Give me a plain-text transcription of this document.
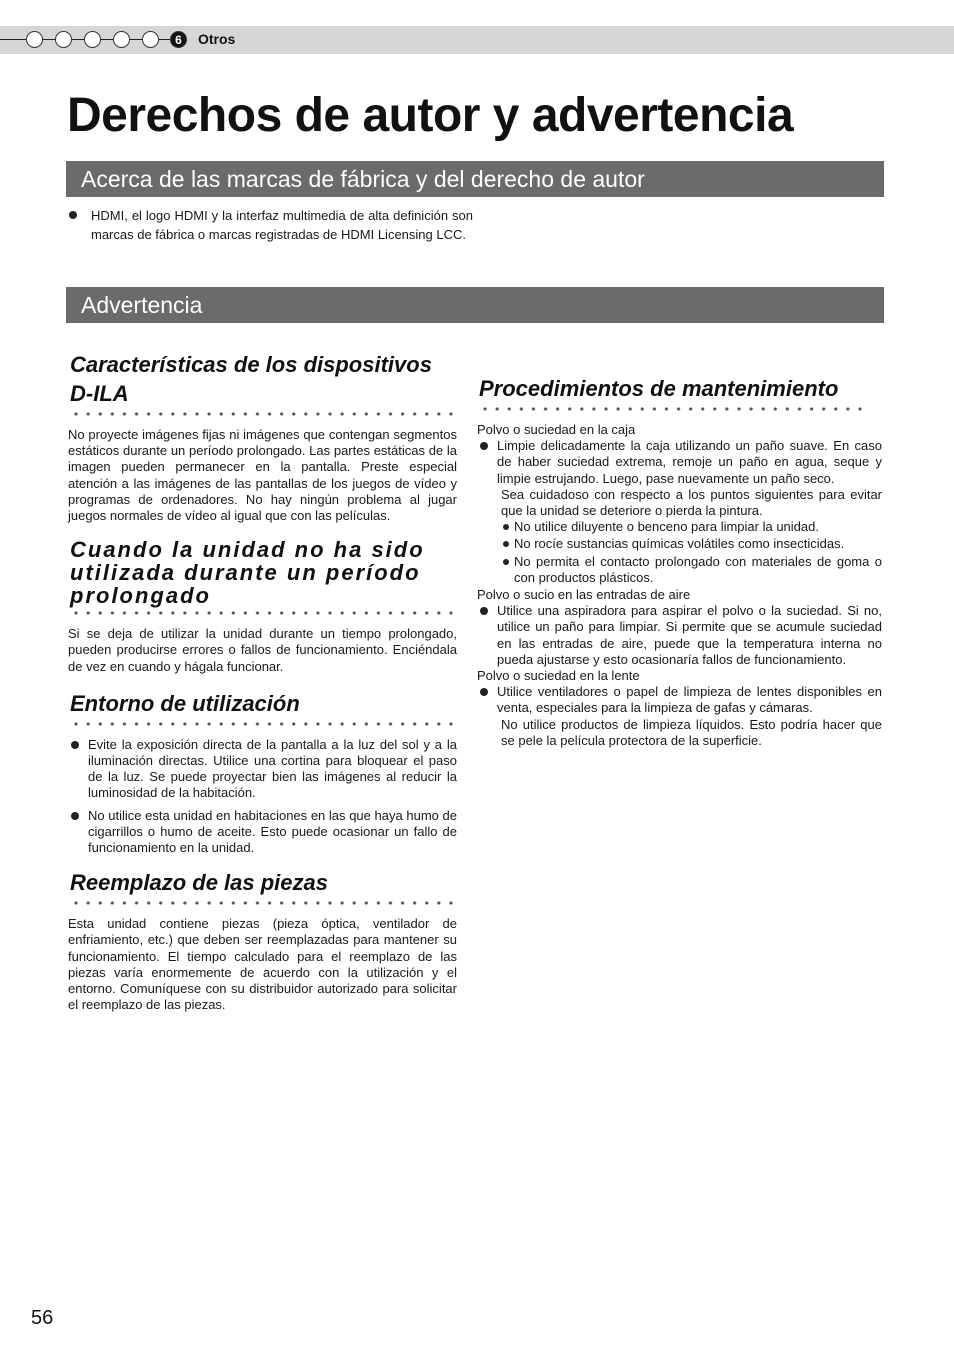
6	Otros
Derechos de autor y advertencia
Acerca de las marcas de fábrica y del derecho de autor
HDMI, el logo HDMI y la interfaz multimedia de alta definición son marcas de fábrica o marcas registradas de HDMI Licensing LCC.
Advertencia
Características de los dispositivos D-ILA

No proyecte imágenes fijas ni imágenes que contengan segmentos estáticos durante un período prolongado. Las partes estáticas de la imagen pueden permanecer en la pantalla. Preste especial atención a las imágenes de las pantallas de los juegos de vídeo y programas de ordenadores. No hay ningún problema al jugar juegos normales de vídeo al igual que con las películas.

Cuando la unidad no ha sido utilizada durante un período prolongado

Si se deja de utilizar la unidad durante un tiempo prolongado, pueden producirse errores o fallos de funcionamiento. Enciéndala de vez en cuando y hágala funcionar.

Entorno de utilización
Evite la exposición directa de la pantalla a la luz del sol y a la iluminación directas. Utilice una cortina para bloquear el paso de la luz. Se puede proyectar bien las imágenes al reducir la luminosidad de la habitación.
No utilice esta unidad en habitaciones en las que haya humo de cigarrillos o humo de aceite. Esto puede ocasionar un fallo de funcionamiento en la unidad.
Reemplazo de las piezas

Esta unidad contiene piezas (pieza óptica, ventilador de enfriamiento, etc.) que deben ser reemplazadas para mantener su funcionamiento. El tiempo calculado para el reemplazo de las piezas varía enormemente de acuerdo con la utilización y el entorno. Comuníquese con su distribuidor autorizado para solicitar el reemplazo de las piezas.

Procedimientos de mantenimiento
Polvo o suciedad en la caja
Limpie delicadamente la caja utilizando un paño suave. En caso de haber suciedad extrema, remoje un paño en agua, seque y limpie estrujando. Luego, pase nuevamente un paño seco.
Sea cuidadoso con respecto a los puntos siguientes para evitar que la unidad se deteriore o pierda la pintura.
No utilice diluyente o benceno para limpiar la unidad.
No rocíe sustancias químicas volátiles como insecticidas.
No permita el contacto prolongado con materiales de goma o con productos plásticos.
Polvo o sucio en las entradas de aire
Utilice una aspiradora para aspirar el polvo o la suciedad. Si no, utilice un paño para limpiar. Si permite que se acumule suciedad en las entradas de aire, puede que la temperatura interna no pueda ajustarse y esto ocasionaría fallos de funcionamiento.
Polvo o suciedad en la lente
Utilice ventiladores o papel de limpieza de lentes disponibles en venta, especiales para la limpieza de gafas y cámaras.
No utilice productos de limpieza líquidos. Esto podría hacer que se pele la película protectora de la superficie.
56
